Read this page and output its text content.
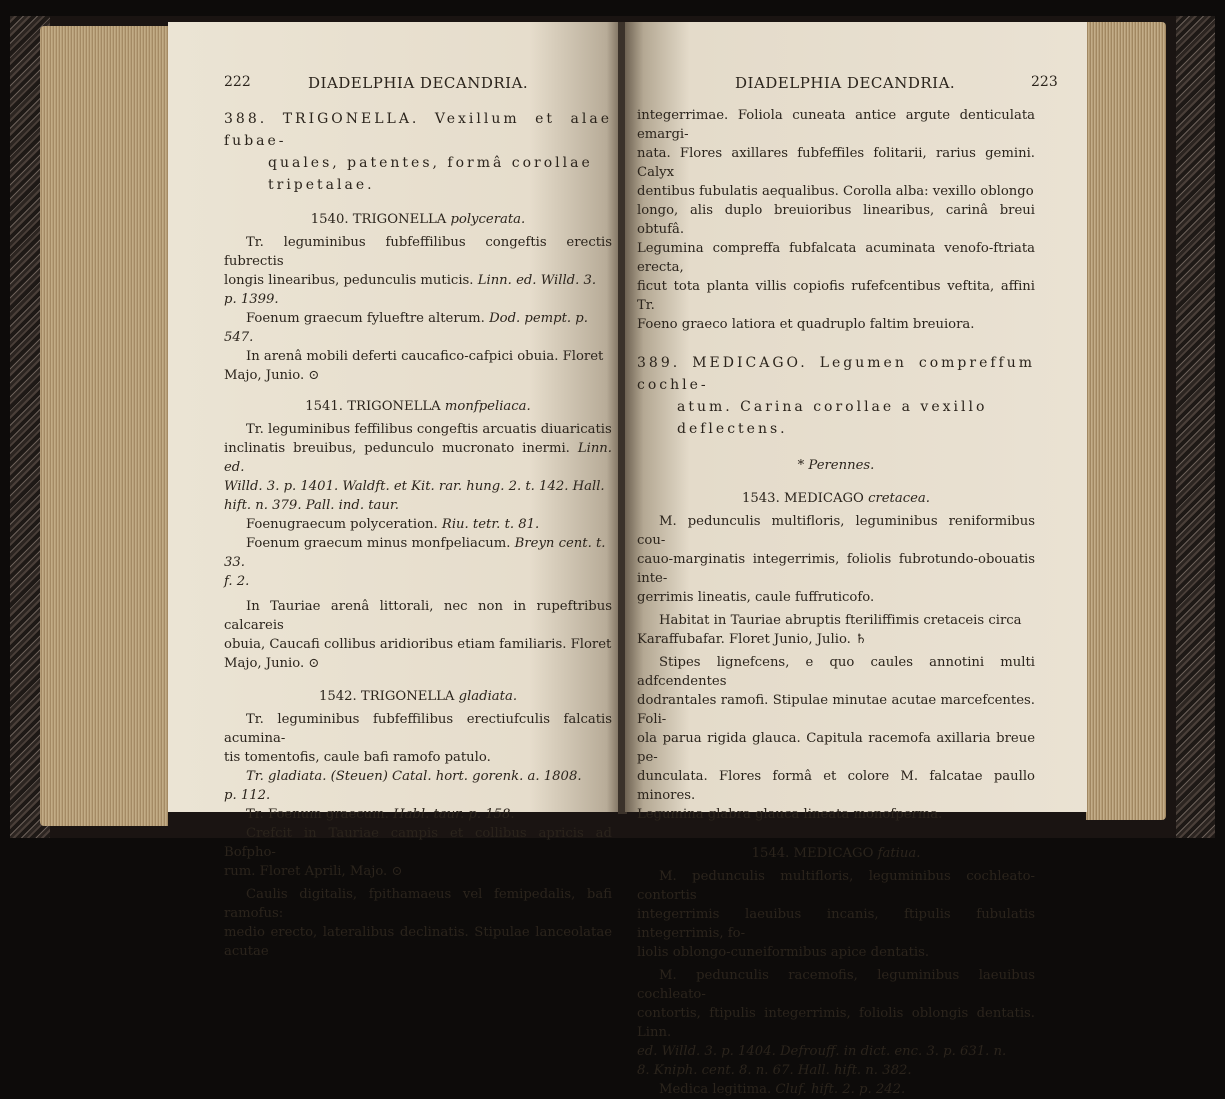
222	DIADELPHIA DECANDRIA.

388. TRIGONELLA. Vexillum et alae fubae-

quales, patentes, formâ corollae tripetalae.

1540. TRIGONELLA polycerata.

Tr. leguminibus fubfeffilibus congeftis erectis fubrectis

longis linearibus, pedunculis muticis. Linn. ed. Willd. 3.

p. 1399.

Foenum graecum fylueftre alterum. Dod. pempt. p. 547.

In arenâ mobili deferti caucafico-cafpici obuia. Floret

Majo, Junio. ⊙

1541. TRIGONELLA monfpeliaca.

Tr. leguminibus feffilibus congeftis arcuatis diuaricatis

inclinatis breuibus, pedunculo mucronato inermi. Linn. ed.

Willd. 3. p. 1401. Waldft. et Kit. rar. hung. 2. t. 142. Hall.

hift. n. 379. Pall. ind. taur.

Foenugraecum polyceration. Riu. tetr. t. 81.

Foenum graecum minus monfpeliacum. Breyn cent. t. 33.

f. 2.

In Tauriae arenâ littorali, nec non in rupeftribus calcareis

obuia, Caucafi collibus aridioribus etiam familiaris. Floret

Majo, Junio. ⊙

1542. TRIGONELLA gladiata.

Tr. leguminibus fubfeffilibus erectiufculis falcatis acumina-

tis tomentofis, caule bafi ramofo patulo.

Tr. gladiata. (Steuen) Catal. hort. gorenk. a. 1808.

p. 112.

Tr. Foenum graecum. Habl. taur. p. 158.

Crefcit in Tauriae campis et collibus apricis ad Bofpho-

rum. Floret Aprili, Majo. ⊙

Caulis digitalis, fpithamaeus vel femipedalis, bafi ramofus:

medio erecto, lateralibus declinatis. Stipulae lanceolatae acutae

DIADELPHIA DECANDRIA.	223

integerrimae. Foliola cuneata antice argute denticulata emargi-

nata. Flores axillares fubfeffiles folitarii, rarius gemini. Calyx

dentibus fubulatis aequalibus. Corolla alba: vexillo oblongo

longo, alis duplo breuioribus linearibus, carinâ breui obtufâ.

Legumina compreffa fubfalcata acuminata venofo-ftriata erecta,

ficut tota planta villis copiofis rufefcentibus veftita, affini Tr.

Foeno graeco latiora et quadruplo faltim breuiora.

389. MEDICAGO. Legumen compreffum cochle-

atum. Carina corollae a vexillo deflectens.

* Perennes.

1543. MEDICAGO cretacea.

M. pedunculis multifloris, leguminibus reniformibus cou-

cauo-marginatis integerrimis, foliolis fubrotundo-obouatis inte-

gerrimis lineatis, caule fuffruticofo.

Habitat in Tauriae abruptis fteriliffimis cretaceis circa

Karaffubafar. Floret Junio, Julio. ♄

Stipes lignefcens, e quo caules annotini multi adfcendentes

dodrantales ramofi. Stipulae minutae acutae marcefcentes. Foli-

ola parua rigida glauca. Capitula racemofa axillaria breue pe-

dunculata. Flores formâ et colore M. falcatae paullo minores.

Legumina glabra glauca lineata monofperma.

1544. MEDICAGO fatiua.

M. pedunculis multifloris, leguminibus cochleato-contortis

integerrimis laeuibus incanis, ftipulis fubulatis integerrimis, fo-

liolis oblongo-cuneiformibus apice dentatis.

M. pedunculis racemofis, leguminibus laeuibus cochleato-

contortis, ftipulis integerrimis, foliolis oblongis dentatis. Linn.

ed. Willd. 3. p. 1404. Defrouff. in dict. enc. 3. p. 631. n.

8. Kniph. cent. 8. n. 67. Hall. hift. n. 382.

Medica legitima. Cluf. hift. 2. p. 242.
